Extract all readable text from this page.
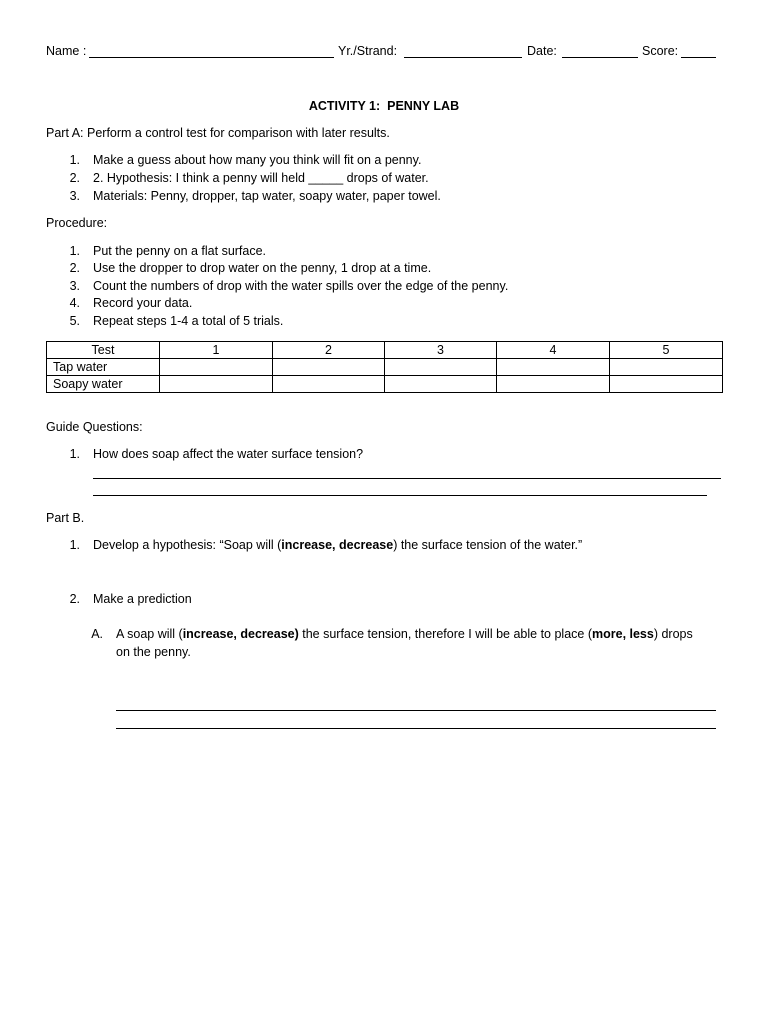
Name :	Yr./Strand:	Date:	Score:
ACTIVITY 1:  PENNY LAB
Part A: Perform a control test for comparison with later results.
1. Make a guess about how many you think will fit on a penny.
2. 2. Hypothesis: I think a penny will held _____ drops of water.
3. Materials: Penny, dropper, tap water, soapy water, paper towel.
Procedure:
1. Put the penny on a flat surface.
2. Use the dropper to drop water on the penny, 1 drop at a time.
3. Count the numbers of drop with the water spills over the edge of the penny.
4. Record your data.
5. Repeat steps 1-4 a total of 5 trials.
Test	1	2	3	4	5
Tap water					
Soapy water					
Guide Questions:
1. How does soap affect the water surface tension?
Part B.
1. Develop a hypothesis: “Soap will (increase, decrease) the surface tension of the water.”
2. Make a prediction
A. A soap will (increase, decrease) the surface tension, therefore I will be able to place (more, less) drops
on the penny.
